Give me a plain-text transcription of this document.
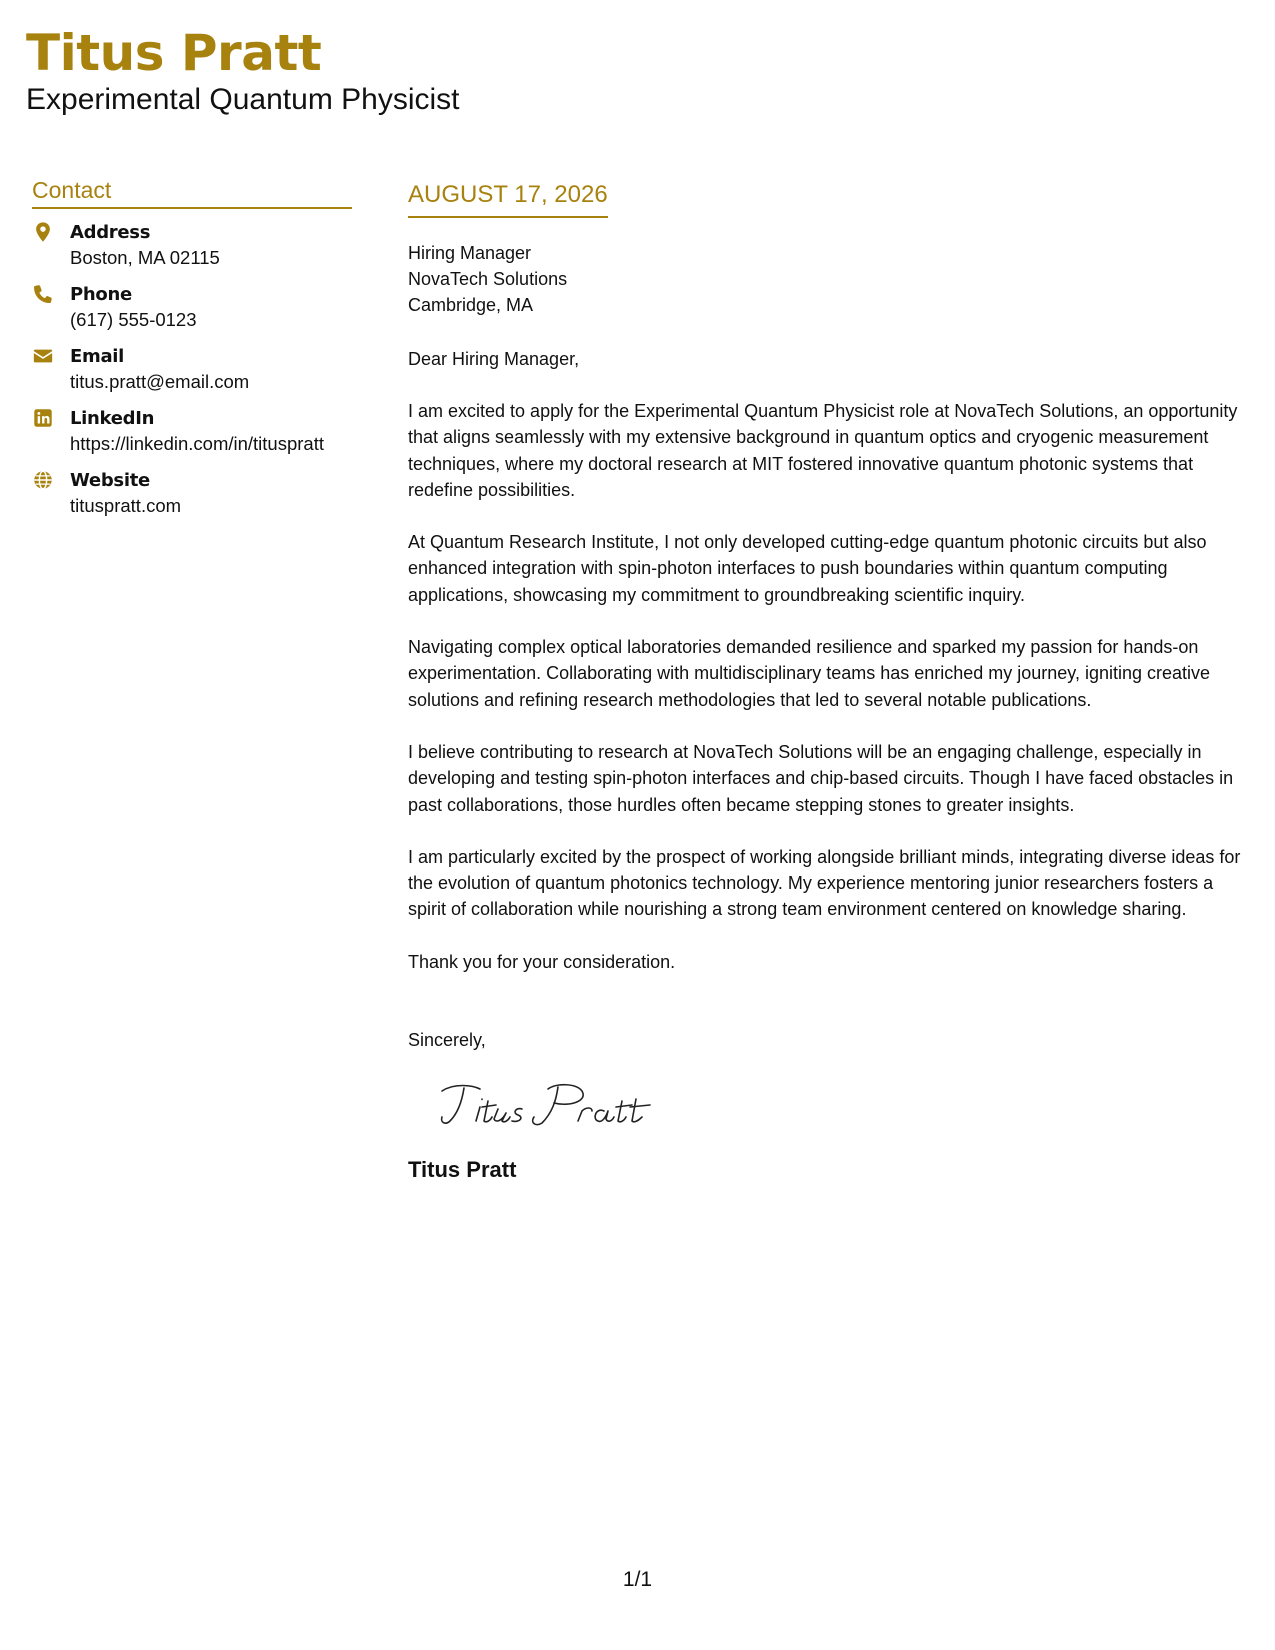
Titus Pratt
Experimental Quantum Physicist
Contact
Address
Boston, MA 02115
Phone
(617) 555-0123
Email
titus.pratt@email.com
LinkedIn
https://linkedin.com/in/tituspratt
Website
tituspratt.com
AUGUST 17, 2026
Hiring Manager
NovaTech Solutions
Cambridge, MA
Dear Hiring Manager,
I am excited to apply for the Experimental Quantum Physicist role at NovaTech Solutions, an opportunity that aligns seamlessly with my extensive background in quantum optics and cryogenic measurement techniques, where my doctoral research at MIT fostered innovative quantum photonic systems that redefine possibilities.
At Quantum Research Institute, I not only developed cutting-edge quantum photonic circuits but also enhanced integration with spin-photon interfaces to push boundaries within quantum computing applications, showcasing my commitment to groundbreaking scientific inquiry.
Navigating complex optical laboratories demanded resilience and sparked my passion for hands-on experimentation. Collaborating with multidisciplinary teams has enriched my journey, igniting creative solutions and refining research methodologies that led to several notable publications.
I believe contributing to research at NovaTech Solutions will be an engaging challenge, especially in developing and testing spin-photon interfaces and chip-based circuits. Though I have faced obstacles in past collaborations, those hurdles often became stepping stones to greater insights.
I am particularly excited by the prospect of working alongside brilliant minds, integrating diverse ideas for the evolution of quantum photonics technology. My experience mentoring junior researchers fosters a spirit of collaboration while nourishing a strong team environment centered on knowledge sharing.
Thank you for your consideration.
Sincerely,
Titus Pratt
1/1
